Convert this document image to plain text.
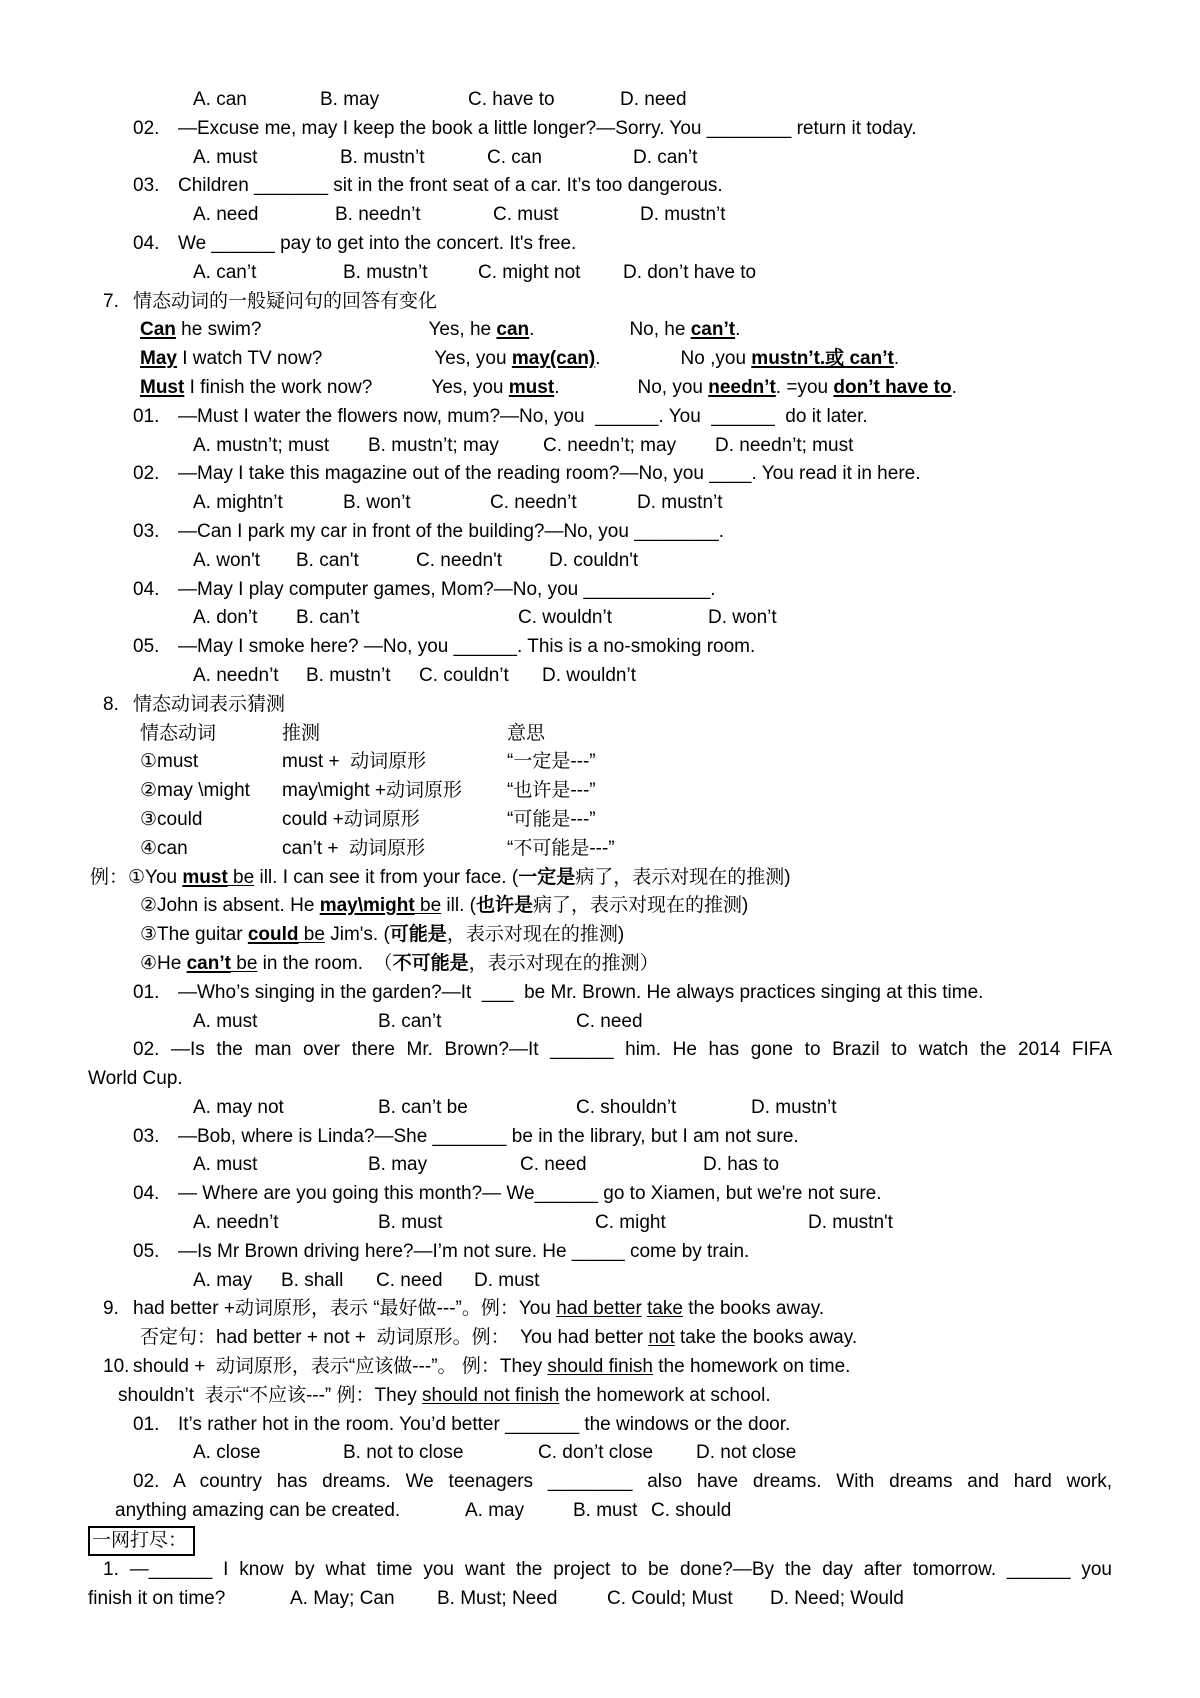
A. can	B. may	C. have to	D. need
02. —Excuse me, may I keep the book a little longer?—Sorry. You ________ return it today.
A. must	B. mustn’t	C. can	D. can’t
03. Children _______ sit in the front seat of a car. It’s too dangerous.
A. need	B. needn’t	C. must	D. mustn’t
04. We ______ pay to get into the concert. It's free.
A. can’t	B. mustn’t	C. might not D. don’t have to
7. 情态动词的一般疑问句的回答有变化
Can he swim?	Yes, he can.	No, he can’t.
May I watch TV now?	Yes, you may(can).	No ,you mustn’t.或 can’t.
Must I finish the work now?	Yes, you must.	No, you needn’t. =you don’t have to.
01. —Must I water the flowers now, mum?—No, you  ______. You  ______  do it later.
A. mustn’t; must B. mustn’t; may C. needn’t; may D. needn’t; must
02. —May I take this magazine out of the reading room?—No, you ____. You read it in here.
A. mightn’t	B. won’t	C. needn’t	D. mustn’t
03. —Can I park my car in front of the building?—No, you ________.
A. won't B. can't	C. needn't D. couldn't
04. —May I play computer games, Mom?—No, you ____________.
A. don’t B. can’t	C. wouldn’t	D. won’t
05. —May I smoke here? —No, you ______. This is a no-smoking room.
A. needn’t B. mustn’t C. couldn’t D. wouldn’t
8. 情态动词表示猜测
情态动词	推测	意思
①must	must +  动词原形	“一定是---”
②may \might may\might +动词原形 “也许是---”
③could	could +动词原形	“可能是---”
④can	can’t +  动词原形	“不可能是---”
例：①You must be ill. I can see it from your face. (一定是病了，表示对现在的推测)
②John is absent. He may\might be ill. (也许是病了，表示对现在的推测)
③The guitar could be Jim's. (可能是，表示对现在的推测)
④He can’t be in the room.  （不可能是，表示对现在的推测）
01. —Who’s singing in the garden?—It  ___  be Mr. Brown. He always practices singing at this time.
A. must	B. can’t	C. need
02. —Is the man over there Mr. Brown?—It ______ him. He has gone to Brazil to watch the 2014 FIFA
World Cup.
A. may not	B. can’t be	C. shouldn’t	D. mustn’t
03. —Bob, where is Linda?—She _______ be in the library, but I am not sure.
A. must	B. may	C. need	D. has to
04. — Where are you going this month?— We______ go to Xiamen, but we're not sure.
A. needn’t	B. must	C. might	D. mustn't
05. —Is Mr Brown driving here?—I’m not sure. He _____ come by train.
A. may B. shall C. need D. must
9. had better +动词原形，表示 “最好做---”。例：You had better take the books away.
否定句：had better + not +  动词原形。例：  You had better not take the books away.
10. should +  动词原形，表示“应该做---”。 例：They should finish the homework on time.
shouldn’t  表示“不应该---” 例：They should not finish the homework at school.
01. It’s rather hot in the room. You’d better _______ the windows or the door.
A. close	B. not to close	C. don’t close D. not close
02. A country has dreams. We teenagers ________ also have dreams. With dreams and hard work,
anything amazing can be created.	A. may	B. must C. should
一网打尽：
1. —______ I know by what time you want the project to be done?—By the day after tomorrow. ______ you
finish it on time?	A. May; Can B. Must; Need	C. Could; Must D. Need; Would
